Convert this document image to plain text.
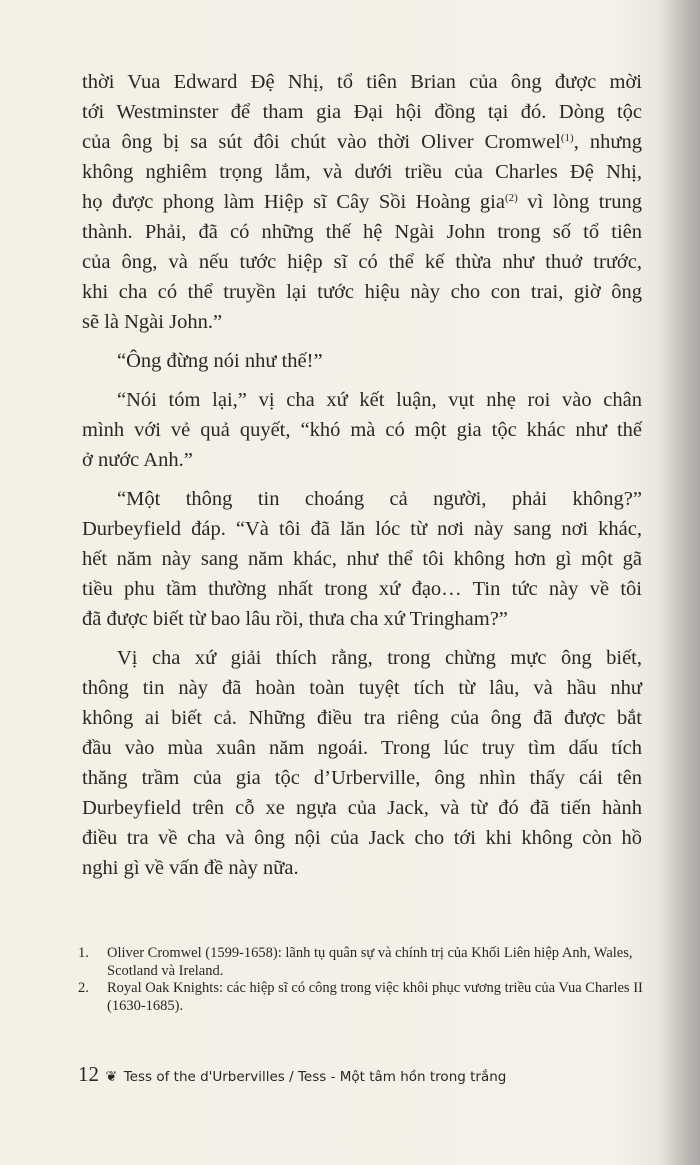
thời Vua Edward Đệ Nhị, tổ tiên Brian của ông được mời
tới Westminster để tham gia Đại hội đồng tại đó. Dòng tộc
của ông bị sa sút đôi chút vào thời Oliver Cromwel$^{(1)}$, nhưng
không nghiêm trọng lắm, và dưới triều của Charles Đệ Nhị,
họ được phong làm Hiệp sĩ Cây Sồi Hoàng gia$^{(2)}$ vì lòng trung
thành. Phải, đã có những thế hệ Ngài John trong số tổ tiên
của ông, và nếu tước hiệp sĩ có thể kế thừa như thuở trước,
khi cha có thể truyền lại tước hiệu này cho con trai, giờ ông
sẽ là Ngài John.”
“Ông đừng nói như thế!”
“Nói tóm lại,” vị cha xứ kết luận, vụt nhẹ roi vào chân
mình với vẻ quả quyết, “khó mà có một gia tộc khác như thế
ở nước Anh.”
“Một thông tin choáng cả người, phải không?”
Durbeyfield đáp. “Và tôi đã lăn lóc từ nơi này sang nơi khác,
hết năm này sang năm khác, như thể tôi không hơn gì một gã
tiều phu tầm thường nhất trong xứ đạo… Tin tức này về tôi
đã được biết từ bao lâu rồi, thưa cha xứ Tringham?”
Vị cha xứ giải thích rằng, trong chừng mực ông biết,
thông tin này đã hoàn toàn tuyệt tích từ lâu, và hầu như
không ai biết cả. Những điều tra riêng của ông đã được bắt
đầu vào mùa xuân năm ngoái. Trong lúc truy tìm dấu tích
thăng trầm của gia tộc d’Urberville, ông nhìn thấy cái tên
Durbeyfield trên cỗ xe ngựa của Jack, và từ đó đã tiến hành
điều tra về cha và ông nội của Jack cho tới khi không còn hồ
nghi gì về vấn đề này nữa.
1.	Oliver Cromwel (1599-1658): lãnh tụ quân sự và chính trị của Khối Liên hiệp Anh, Wales, Scotland và Ireland.
2.	Royal Oak Knights: các hiệp sĩ có công trong việc khôi phục vương triều của Vua Charles II (1630-1685).
12 ❦ Tess of the d'Urbervilles / Tess - Một tâm hồn trong trắng
